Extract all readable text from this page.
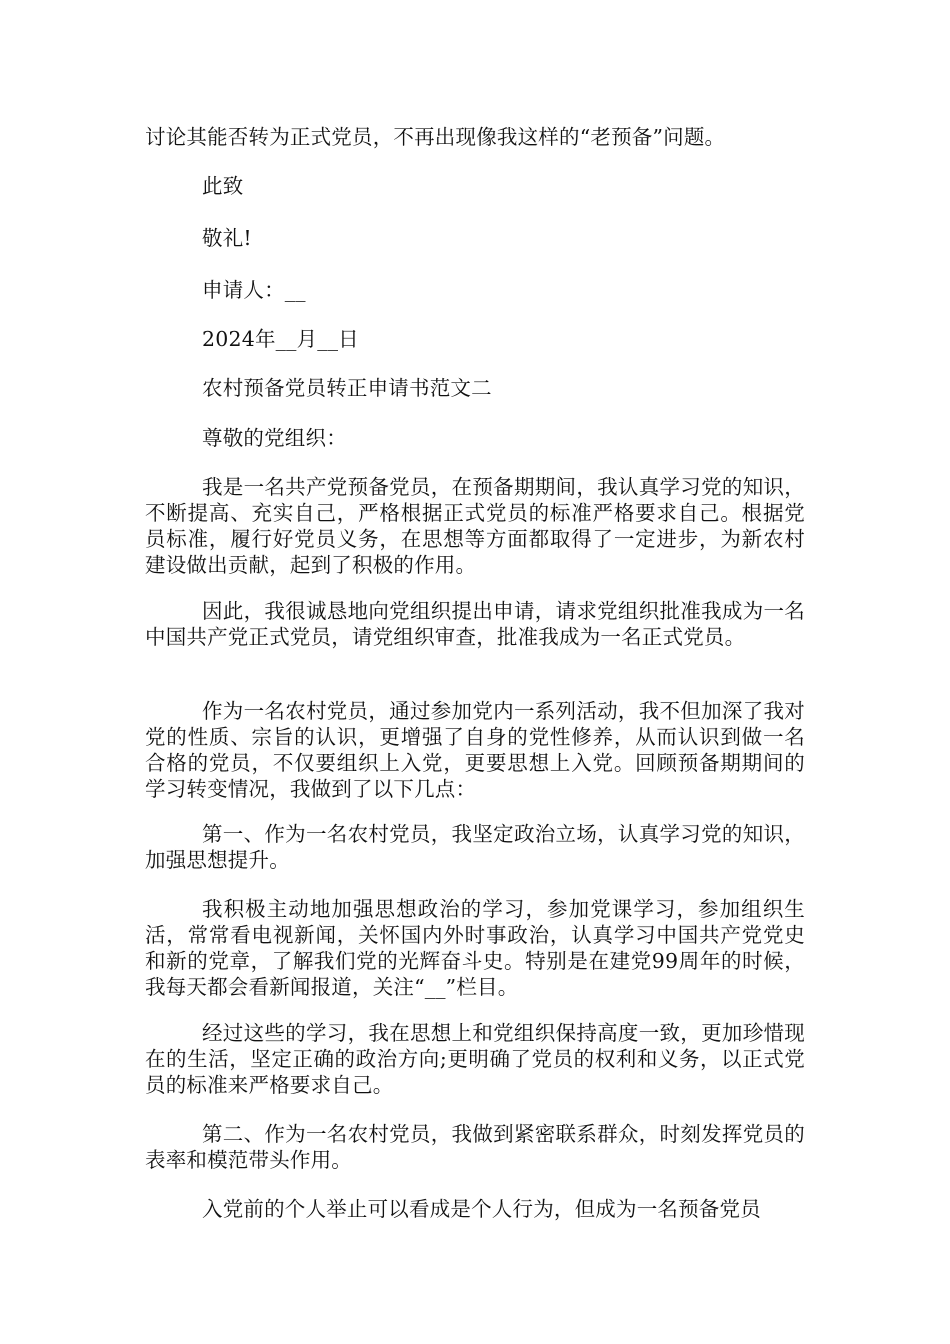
讨论其能否转为正式党员，不再出现像我这样的“老预备”问题。
此致
敬礼!
申请人：__
2024年__月__日
农村预备党员转正申请书范文二
尊敬的党组织：
我是一名共产党预备党员，在预备期期间，我认真学习党的知识，不断提高、充实自己，严格根据正式党员的标准严格要求自己。根据党员标准，履行好党员义务，在思想等方面都取得了一定进步，为新农村建设做出贡献，起到了积极的作用。
因此，我很诚恳地向党组织提出申请，请求党组织批准我成为一名中国共产党正式党员，请党组织审查，批准我成为一名正式党员。
作为一名农村党员，通过参加党内一系列活动，我不但加深了我对党的性质、宗旨的认识，更增强了自身的党性修养，从而认识到做一名合格的党员，不仅要组织上入党，更要思想上入党。回顾预备期期间的学习转变情况，我做到了以下几点：
第一、作为一名农村党员，我坚定政治立场，认真学习党的知识，加强思想提升。
我积极主动地加强思想政治的学习，参加党课学习，参加组织生活，常常看电视新闻，关怀国内外时事政治，认真学习中国共产党党史和新的党章，了解我们党的光辉奋斗史。特别是在建党99周年的时候，我每天都会看新闻报道，关注“__”栏目。
经过这些的学习，我在思想上和党组织保持高度一致，更加珍惜现在的生活，坚定正确的政治方向;更明确了党员的权利和义务，以正式党员的标准来严格要求自己。
第二、作为一名农村党员，我做到紧密联系群众，时刻发挥党员的表率和模范带头作用。
入党前的个人举止可以看成是个人行为，但成为一名预备党员
